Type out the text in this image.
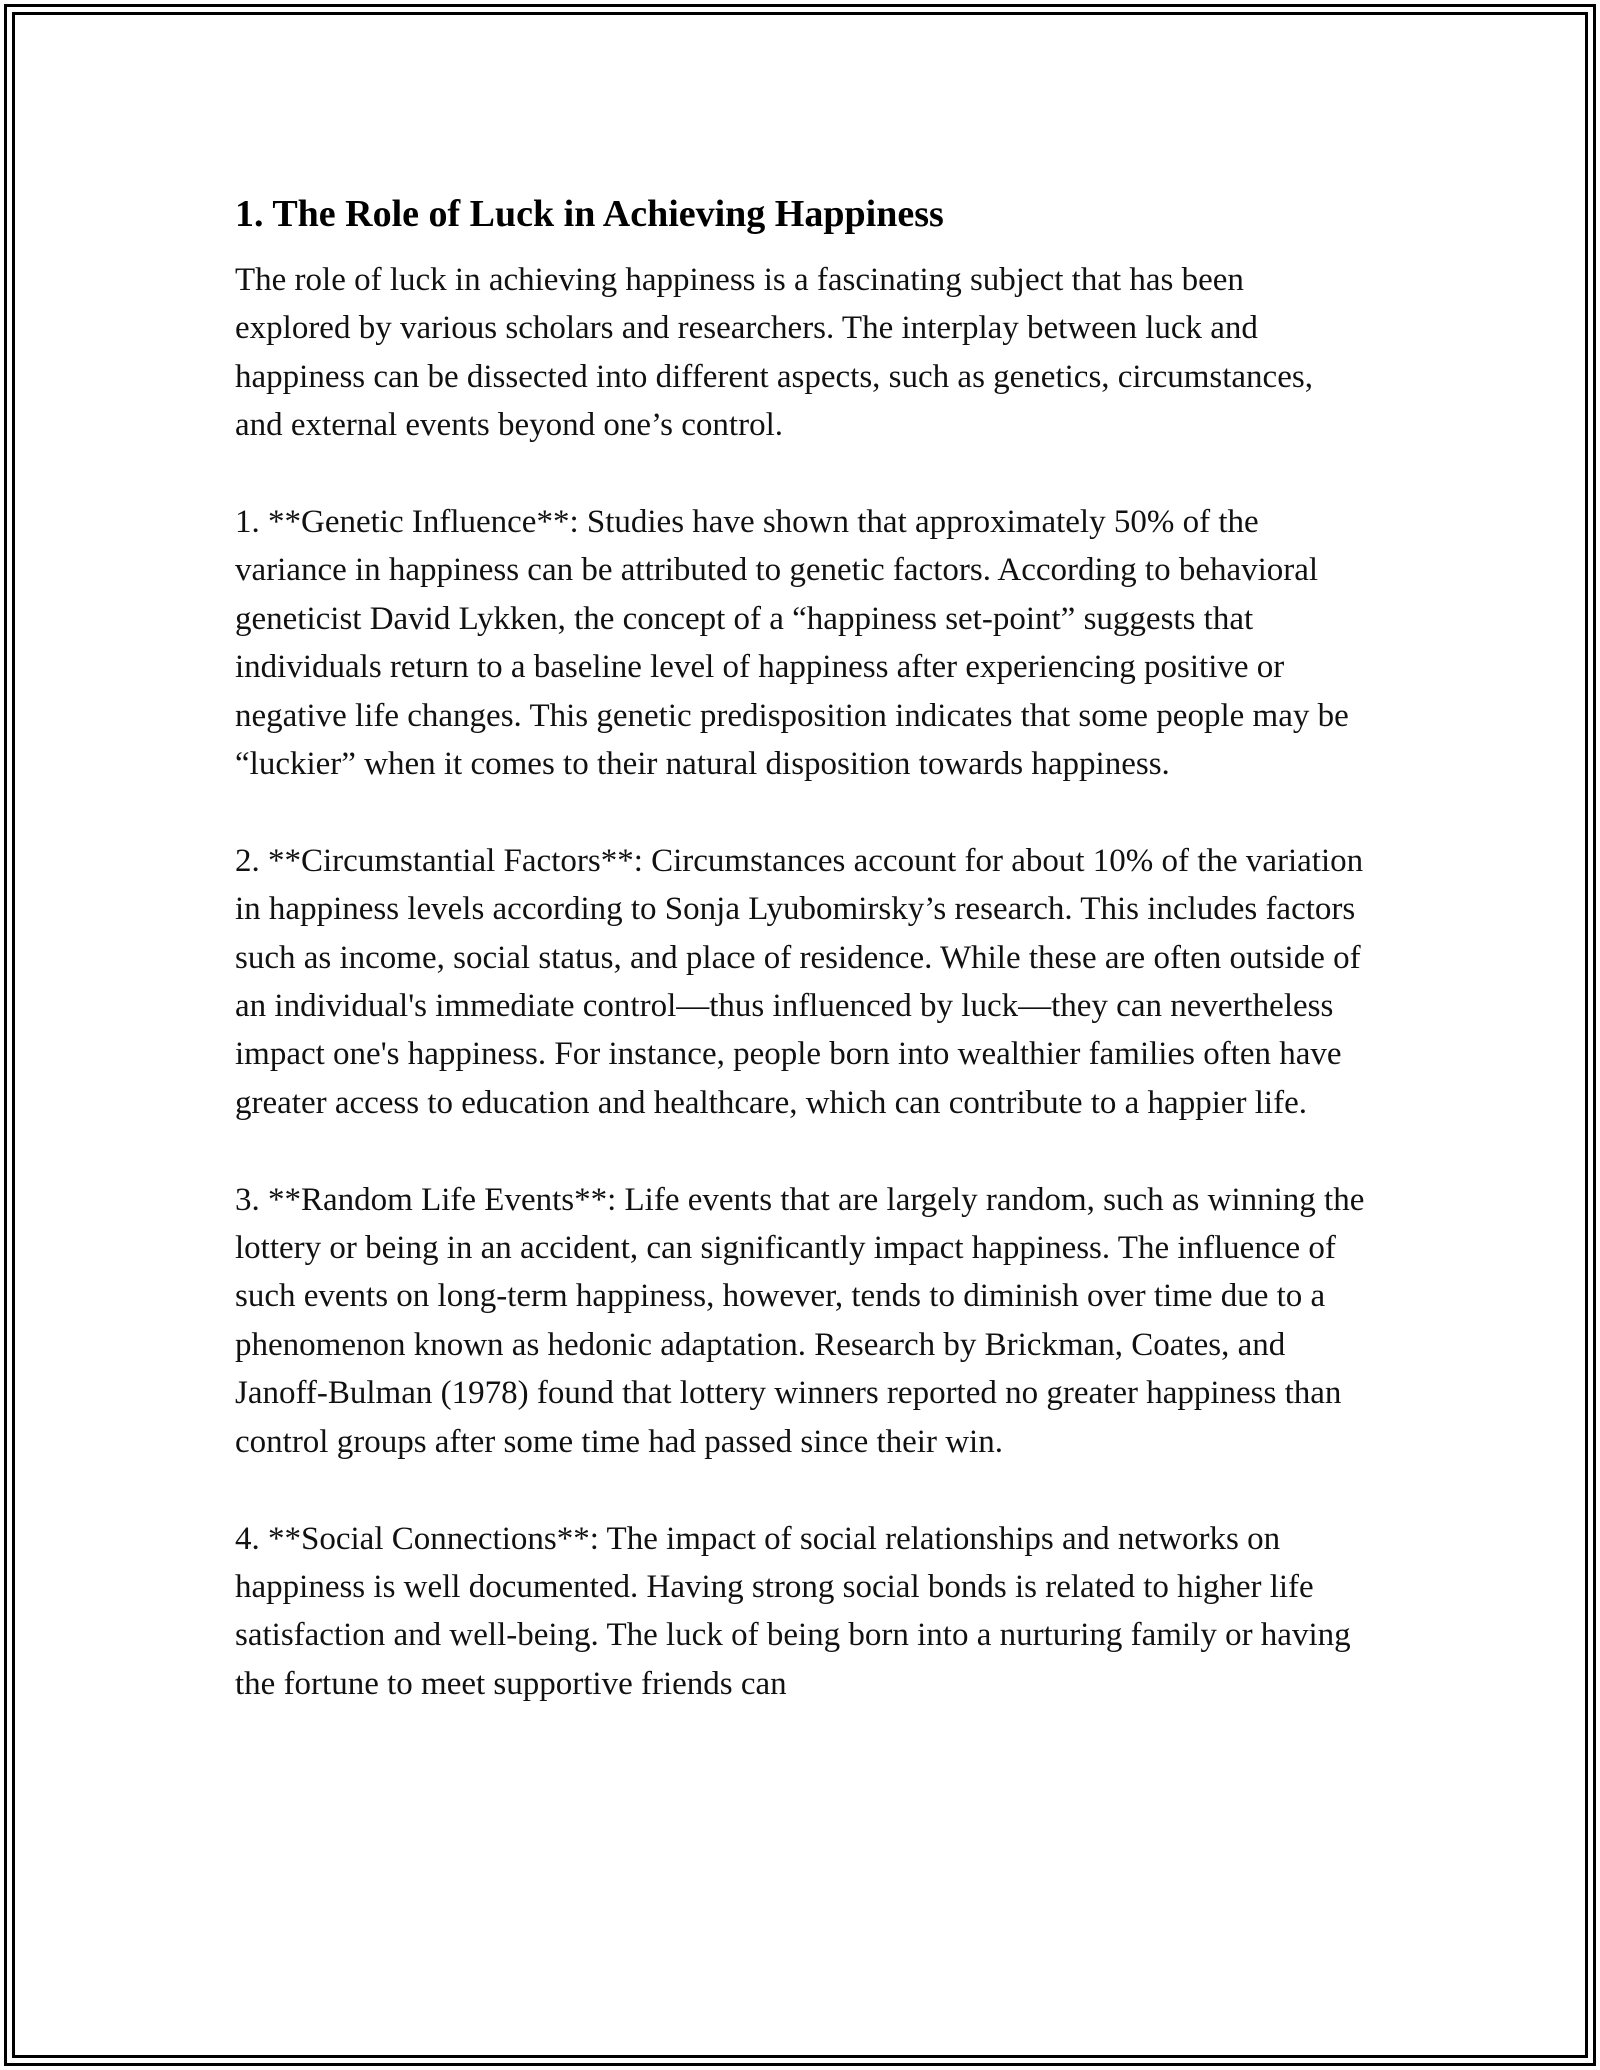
1. The Role of Luck in Achieving Happiness

The role of luck in achieving happiness is a fascinating subject that has been explored by various scholars and researchers. The interplay between luck and happiness can be dissected into different aspects, such as genetics, circumstances, and external events beyond one’s control.

1. **Genetic Influence**: Studies have shown that approximately 50% of the variance in happiness can be attributed to genetic factors. According to behavioral geneticist David Lykken, the concept of a “happiness set-point” suggests that individuals return to a baseline level of happiness after experiencing positive or negative life changes. This genetic predisposition indicates that some people may be “luckier” when it comes to their natural disposition towards happiness.

2. **Circumstantial Factors**: Circumstances account for about 10% of the variation in happiness levels according to Sonja Lyubomirsky’s research. This includes factors such as income, social status, and place of residence. While these are often outside of an individual's immediate control—thus influenced by luck—they can nevertheless impact one's happiness. For instance, people born into wealthier families often have greater access to education and healthcare, which can contribute to a happier life.

3. **Random Life Events**: Life events that are largely random, such as winning the lottery or being in an accident, can significantly impact happiness. The influence of such events on long-term happiness, however, tends to diminish over time due to a phenomenon known as hedonic adaptation. Research by Brickman, Coates, and Janoff-Bulman (1978) found that lottery winners reported no greater happiness than control groups after some time had passed since their win.

4. **Social Connections**: The impact of social relationships and networks on happiness is well documented. Having strong social bonds is related to higher life satisfaction and well-being. The luck of being born into a nurturing family or having the fortune to meet supportive friends can
